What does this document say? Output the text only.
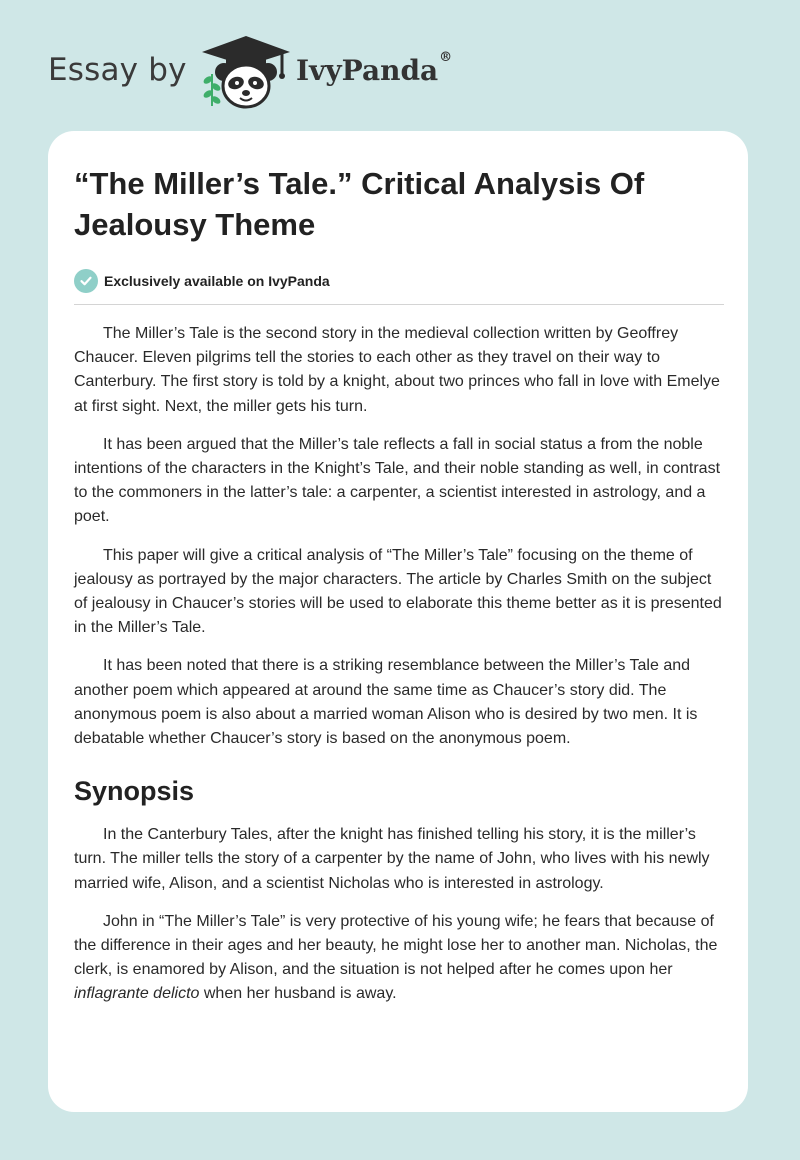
Essay by	IvyPanda®
“The Miller’s Tale.” Critical Analysis Of Jealousy Theme
Exclusively available on IvyPanda

The Miller’s Tale is the second story in the medieval collection written by Geoffrey Chaucer. Eleven pilgrims tell the stories to each other as they travel on their way to Canterbury. The first story is told by a knight, about two princes who fall in love with Emelye at first sight. Next, the miller gets his turn.

It has been argued that the Miller’s tale reflects a fall in social status a from the noble intentions of the characters in the Knight’s Tale, and their noble standing as well, in contrast to the commoners in the latter’s tale: a carpenter, a scientist interested in astrology, and a poet.

This paper will give a critical analysis of “The Miller’s Tale” focusing on the theme of jealousy as portrayed by the major characters. The article by Charles Smith on the subject of jealousy in Chaucer’s stories will be used to elaborate this theme better as it is presented in the Miller’s Tale.

It has been noted that there is a striking resemblance between the Miller’s Tale and another poem which appeared at around the same time as Chaucer’s story did. The anonymous poem is also about a married woman Alison who is desired by two men. It is debatable whether Chaucer’s story is based on the anonymous poem.

Synopsis

In the Canterbury Tales, after the knight has finished telling his story, it is the miller’s turn. The miller tells the story of a carpenter by the name of John, who lives with his newly married wife, Alison, and a scientist Nicholas who is interested in astrology.

John in “The Miller’s Tale” is very protective of his young wife; he fears that because of the difference in their ages and her beauty, he might lose her to another man. Nicholas, the clerk, is enamored by Alison, and the situation is not helped after he comes upon her inflagrante delicto when her husband is away.
